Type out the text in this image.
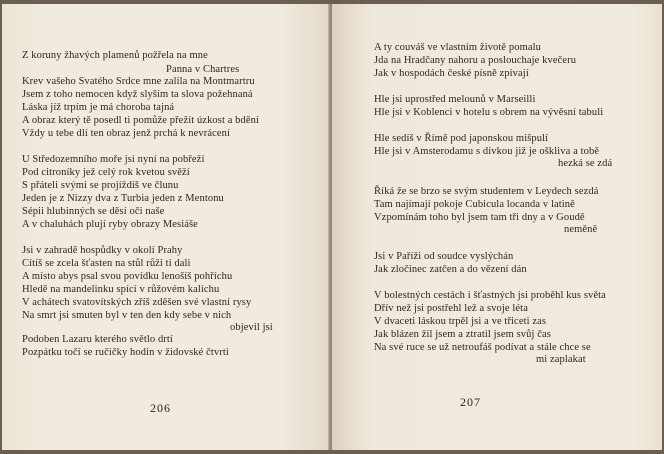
Z koruny žhavých plamenů požřela na mne
Panna v Chartres
Krev vašeho Svatého Srdce mne zalila na Montmartru
Jsem z toho nemocen když slyším ta slova požehnaná
Láska jíž trpím je má choroba tajná
A obraz který tě posedl ti pomůže přežít úzkost a bdění
Vždy u tebe dlí ten obraz jenž prchá k nevrácení
U Středozemního moře jsi nyní na pobřeží
Pod citroníky jež celý rok kvetou svěží
S přáteli svými se projíždíš ve člunu
Jeden je z Nizzy dva z Turbia jeden z Mentonu
Sépii hlubinných se děsí oči naše
A v chaluhách plují ryby obrazy Mesiáše
Jsi v zahradě hospůdky v okolí Prahy
Cítíš se zcela šťasten na stůl růži ti dali
A místo abys psal svou povídku lenošíš pohříchu
Hledě na mandelinku spící v růžovém kalichu
V achátech svatovítských zříš zděšen své vlastní rysy
Na smrt jsi smuten byl v ten den kdy sebe v nich
objevil jsi
Podoben Lazaru kterého světlo drtí
Pozpátku točí se ručičky hodin v židovské čtvrti
206
A ty couváš ve vlastním životě pomalu
Jda na Hradčany nahoru a poslouchaje kvečeru
Jak v hospodách české písně zpívají
Hle jsi uprostřed melounů v Marseilli
Hle jsi v Koblenci v hotelu s obrem na vývěsní tabuli
Hle sedíš v Římě pod japonskou mišpulí
Hle jsi v Amsterodamu s dívkou již je oškliva a tobě
hezká se zdá
Říká že se brzo se svým studentem v Leydech sezdá
Tam najímají pokoje Cubicula locanda v latině
Vzpomínám toho byl jsem tam tři dny a v Goudě
neměně
Jsi v Paříži od soudce vyslýchán
Jak zločinec zatčen a do vězení dán
V bolestných cestách i šťastných jsi proběhl kus světa
Dřív než jsi postřehl lež a svoje léta
V dvaceti láskou trpěl jsi a ve třiceti zas
Jak blázen žil jsem a ztratil jsem svůj čas
Na své ruce se už netroufáš podívat a stále chce se
mi zaplakat
207
